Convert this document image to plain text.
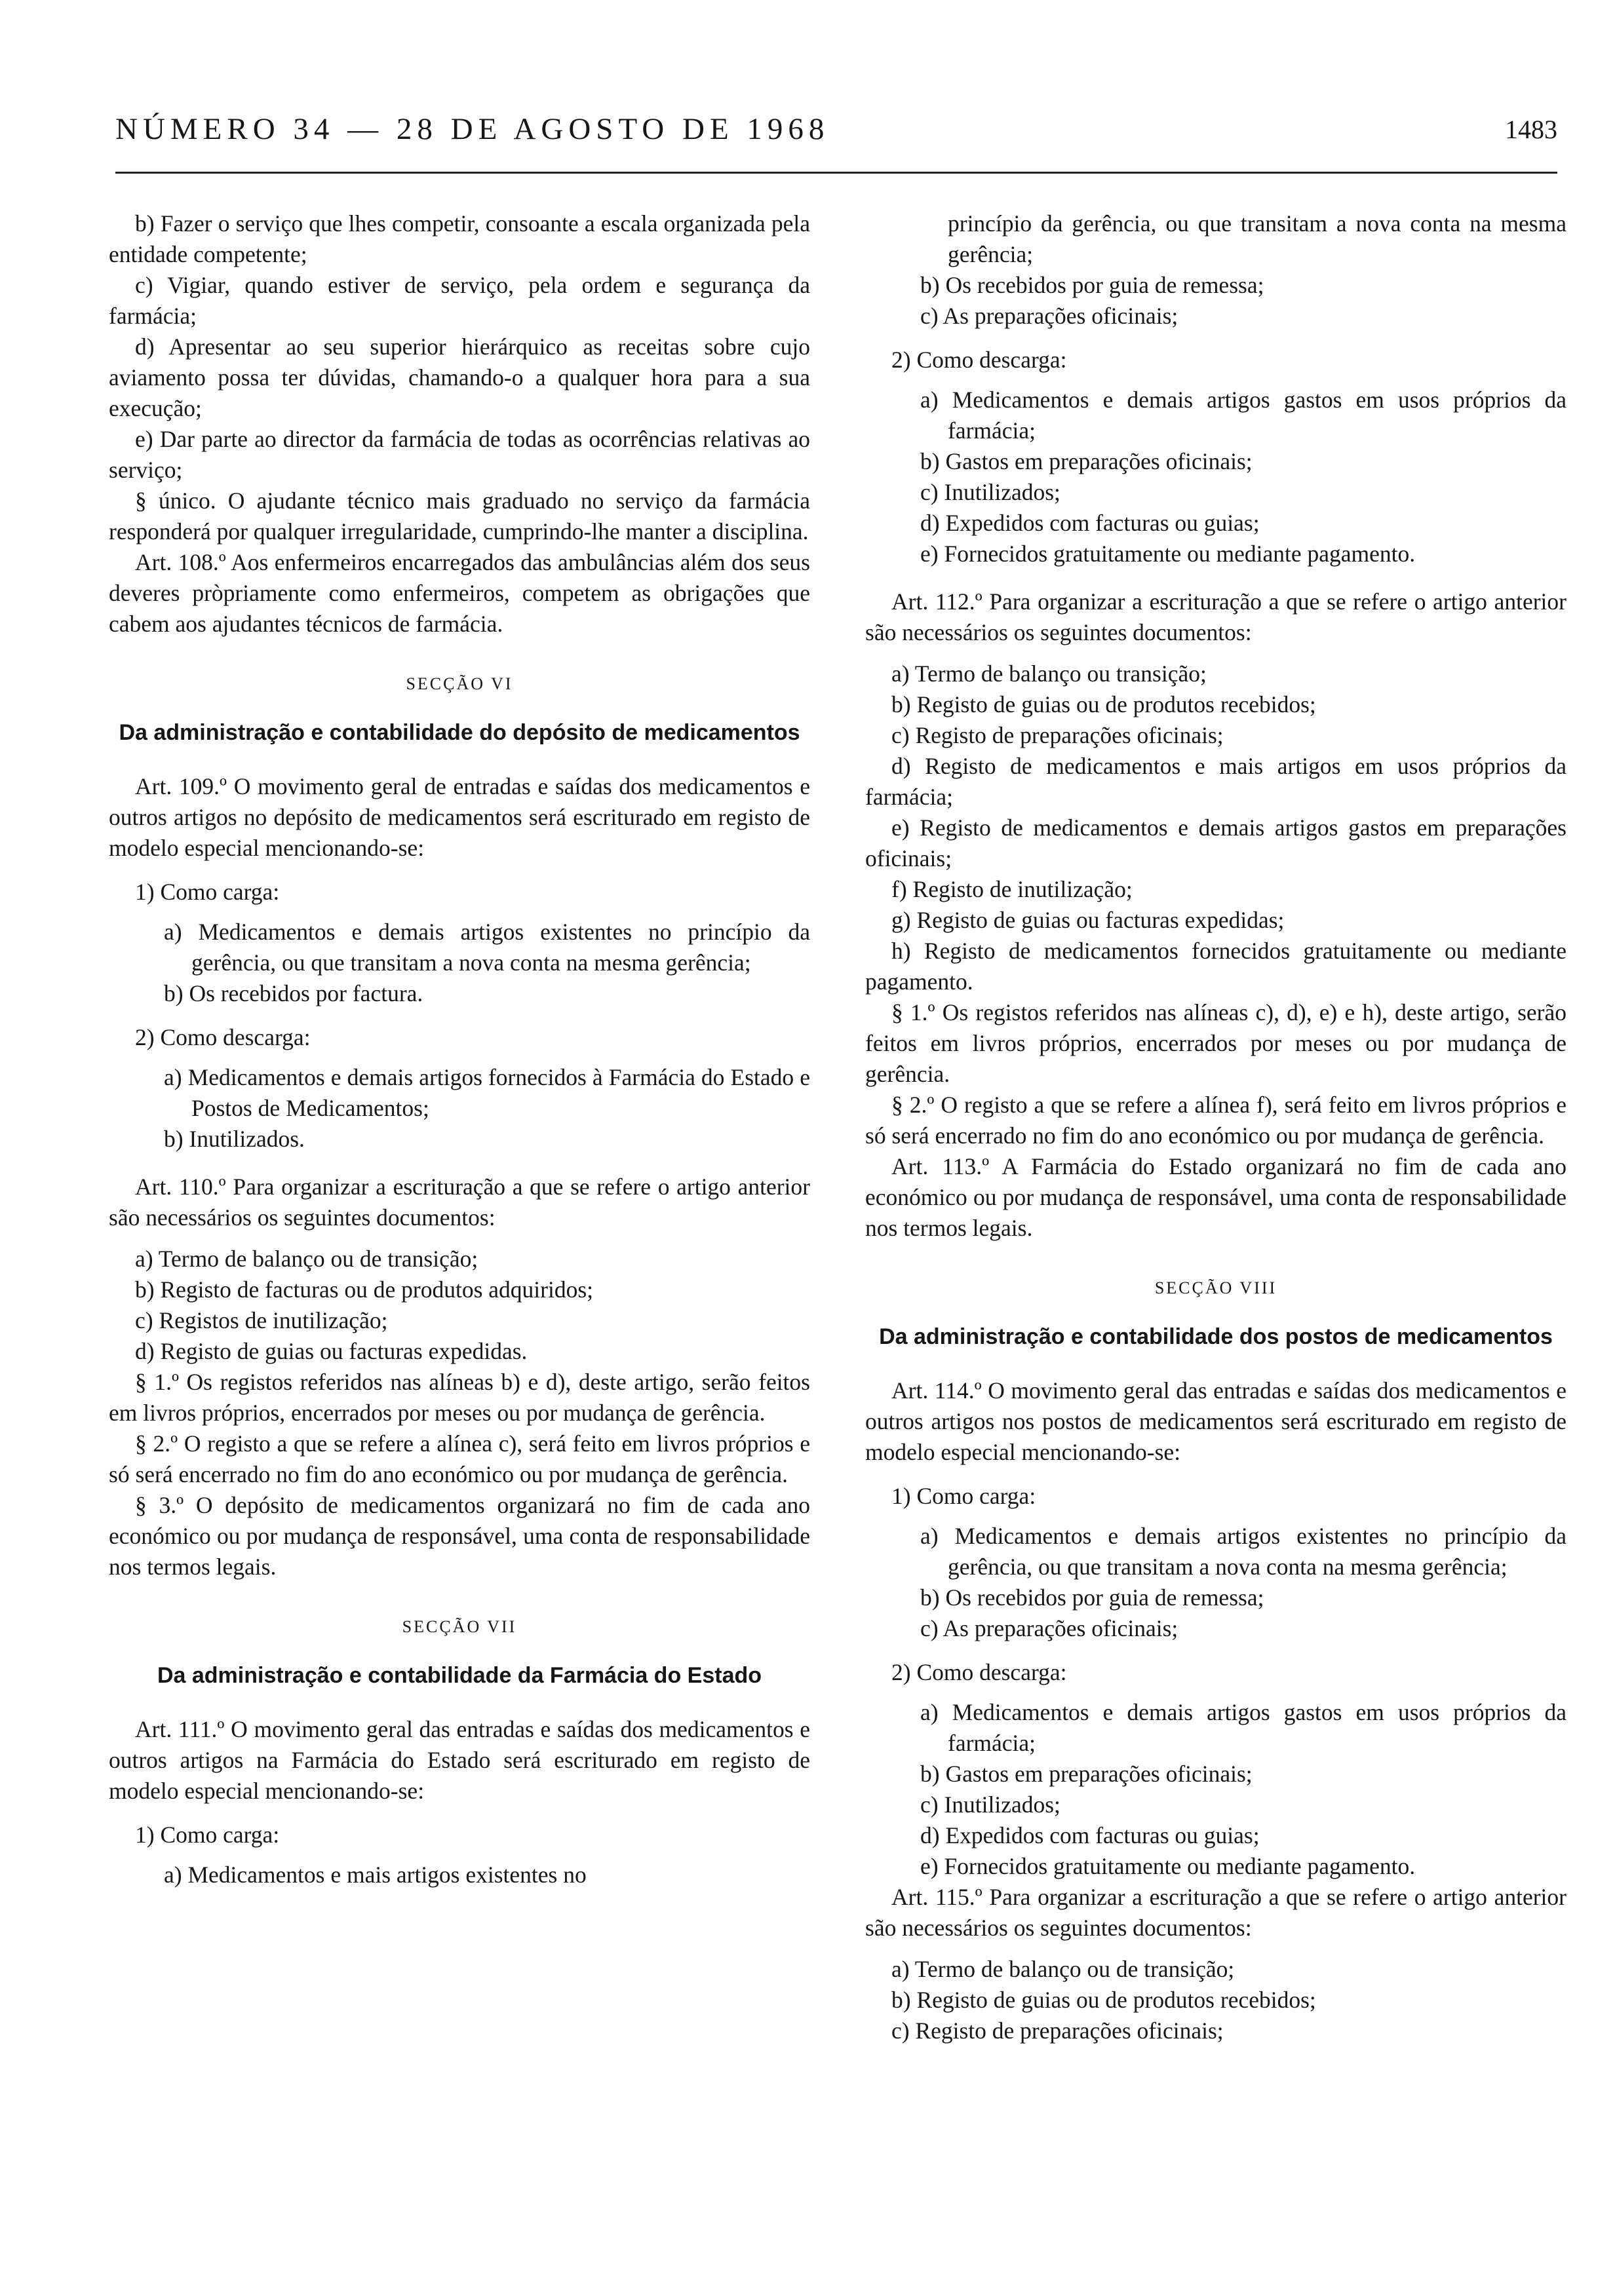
NÚMERO 34 — 28 DE AGOSTO DE 1968	1483

b) Fazer o serviço que lhes competir, consoante a escala organizada pela entidade competente;

c) Vigiar, quando estiver de serviço, pela ordem e segurança da farmácia;

d) Apresentar ao seu superior hierárquico as receitas sobre cujo aviamento possa ter dúvidas, chamando-o a qualquer hora para a sua execução;

e) Dar parte ao director da farmácia de todas as ocorrências relativas ao serviço;

§ único. O ajudante técnico mais graduado no serviço da farmácia responderá por qualquer irregularidade, cumprindo-lhe manter a disciplina.

Art. 108.º Aos enfermeiros encarregados das ambulâncias além dos seus deveres pròpriamente como enfermeiros, competem as obrigações que cabem aos ajudantes técnicos de farmácia.

SECÇÃO VI

Da administração e contabilidade do depósito de medicamentos

Art. 109.º O movimento geral de entradas e saídas dos medicamentos e outros artigos no depósito de medicamentos será escriturado em registo de modelo especial mencionando-se:

1) Como carga:

a) Medicamentos e demais artigos existentes no princípio da gerência, ou que transitam a nova conta na mesma gerência;

b) Os recebidos por factura.

2) Como descarga:

a) Medicamentos e demais artigos fornecidos à Farmácia do Estado e Postos de Medicamentos;

b) Inutilizados.

Art. 110.º Para organizar a escrituração a que se refere o artigo anterior são necessários os seguintes documentos:

a) Termo de balanço ou de transição;

b) Registo de facturas ou de produtos adquiridos;

c) Registos de inutilização;

d) Registo de guias ou facturas expedidas.

§ 1.º Os registos referidos nas alíneas b) e d), deste artigo, serão feitos em livros próprios, encerrados por meses ou por mudança de gerência.

§ 2.º O registo a que se refere a alínea c), será feito em livros próprios e só será encerrado no fim do ano económico ou por mudança de gerência.

§ 3.º O depósito de medicamentos organizará no fim de cada ano económico ou por mudança de responsável, uma conta de responsabilidade nos termos legais.

SECÇÃO VII

Da administração e contabilidade da Farmácia do Estado

Art. 111.º O movimento geral das entradas e saídas dos medicamentos e outros artigos na Farmácia do Estado será escriturado em registo de modelo especial mencionando-se:

1) Como carga:

a) Medicamentos e mais artigos existentes no

princípio da gerência, ou que transitam a nova conta na mesma gerência;

b) Os recebidos por guia de remessa;

c) As preparações oficinais;

2) Como descarga:

a) Medicamentos e demais artigos gastos em usos próprios da farmácia;

b) Gastos em preparações oficinais;

c) Inutilizados;

d) Expedidos com facturas ou guias;

e) Fornecidos gratuitamente ou mediante pagamento.

Art. 112.º Para organizar a escrituração a que se refere o artigo anterior são necessários os seguintes documentos:

a) Termo de balanço ou transição;

b) Registo de guias ou de produtos recebidos;

c) Registo de preparações oficinais;

d) Registo de medicamentos e mais artigos em usos próprios da farmácia;

e) Registo de medicamentos e demais artigos gastos em preparações oficinais;

f) Registo de inutilização;

g) Registo de guias ou facturas expedidas;

h) Registo de medicamentos fornecidos gratuitamente ou mediante pagamento.

§ 1.º Os registos referidos nas alíneas c), d), e) e h), deste artigo, serão feitos em livros próprios, encerrados por meses ou por mudança de gerência.

§ 2.º O registo a que se refere a alínea f), será feito em livros próprios e só será encerrado no fim do ano económico ou por mudança de gerência.

Art. 113.º A Farmácia do Estado organizará no fim de cada ano económico ou por mudança de responsável, uma conta de responsabilidade nos termos legais.

SECÇÃO VIII

Da administração e contabilidade dos postos de medicamentos

Art. 114.º O movimento geral das entradas e saídas dos medicamentos e outros artigos nos postos de medicamentos será escriturado em registo de modelo especial mencionando-se:

1) Como carga:

a) Medicamentos e demais artigos existentes no princípio da gerência, ou que transitam a nova conta na mesma gerência;

b) Os recebidos por guia de remessa;

c) As preparações oficinais;

2) Como descarga:

a) Medicamentos e demais artigos gastos em usos próprios da farmácia;

b) Gastos em preparações oficinais;

c) Inutilizados;

d) Expedidos com facturas ou guias;

e) Fornecidos gratuitamente ou mediante pagamento.

Art. 115.º Para organizar a escrituração a que se refere o artigo anterior são necessários os seguintes documentos:

a) Termo de balanço ou de transição;

b) Registo de guias ou de produtos recebidos;

c) Registo de preparações oficinais;
